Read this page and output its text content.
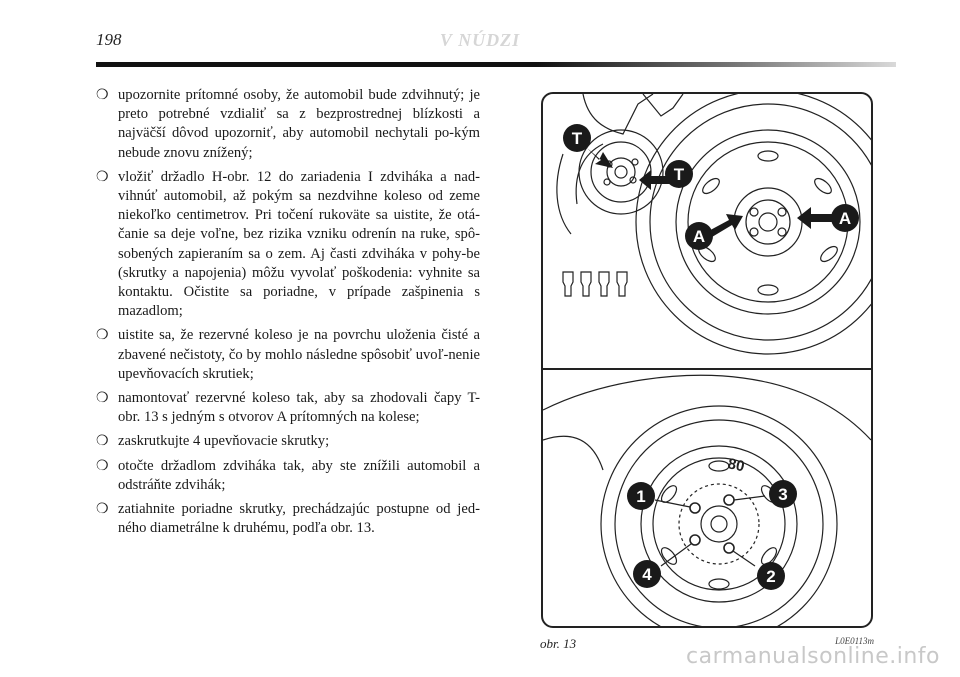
198	V NÚDZI

❍ upozornite prítomné osoby, že automobil bude zdvihnutý; je preto potrebné vzdialiť sa z bezprostrednej blízkosti a najväčší dôvod upozorniť, aby automobil nechytali po-kým nebude znovu znížený;

❍ vložiť držadlo H-obr. 12 do zariadenia I zdviháka a nad-vihnúť automobil, až pokým sa nezdvihne koleso od zeme niekoľko centimetrov. Pri točení rukoväte sa uistite, že otá-čanie sa deje voľne, bez rizika vzniku odrenín na ruke, spô-sobených zapieraním sa o zem. Aj časti zdviháka v pohy-be (skrutky a napojenia) môžu vyvolať poškodenia: vyhnite sa kontaktu. Očistite sa poriadne, v prípade zašpinenia s mazadlom;

❍ uistite sa, že rezervné koleso je na povrchu uloženia čisté a zbavené nečistoty, čo by mohlo následne spôsobiť uvoľ-nenie upevňovacích skrutiek;

❍ namontovať rezervné koleso tak, aby sa zhodovali čapy T-obr. 13 s jedným s otvorov A prítomných na kolese;

❍ zaskrutkujte 4 upevňovacie skrutky;

❍ otočte držadlom zdviháka tak, aby ste znížili automobil a odstráňte zdvihák;

❍ zatiahnite poriadne skrutky, prechádzajúc postupne od jed-ného diametrálne k druhému, podľa obr. 13.

T
T
A
A
80
1	3
4	2
obr. 13	L0E0113m
carmanualsonline.info
